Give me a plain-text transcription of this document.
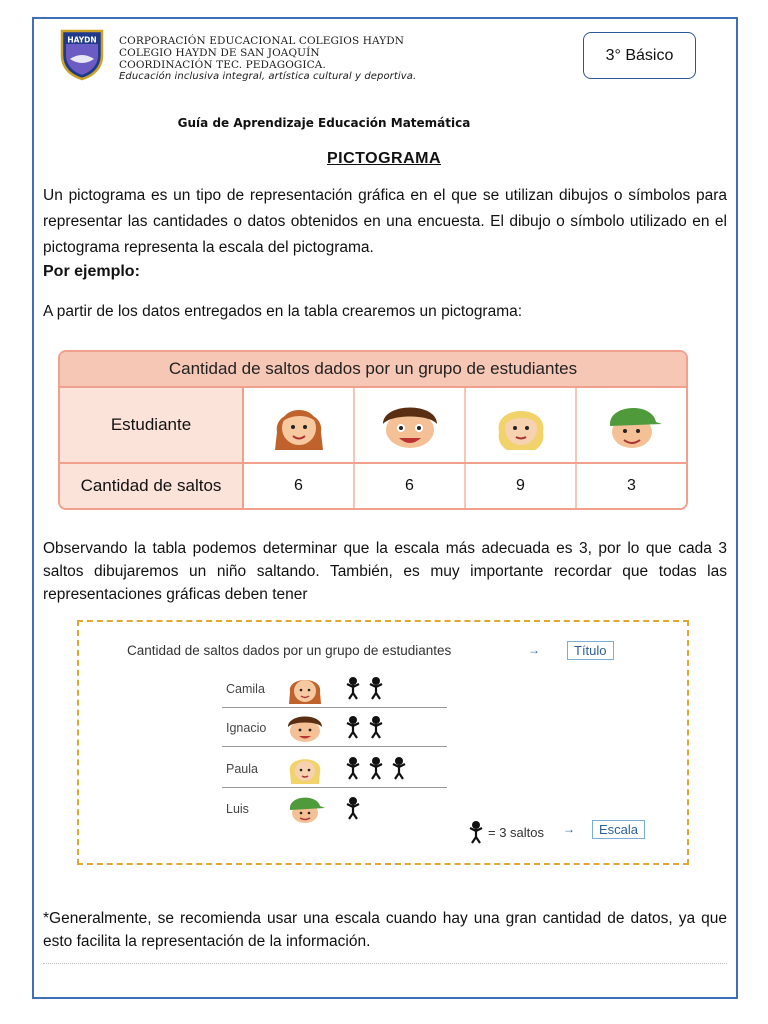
HAYDN CORPORACIÓN EDUCACIONAL COLEGIOS HAYDN
COLEGIO HAYDN DE SAN JOAQUÍN
COORDINACIÓN TEC. PEDAGOGICA.
Educación inclusiva integral, artística cultural y deportiva.
3° Básico
Guía de Aprendizaje Educación Matemática
PICTOGRAMA

Un pictograma es un tipo de representación gráfica en el que se utilizan dibujos o símbolos para representar las cantidades o datos obtenidos en una encuesta. El dibujo o símbolo utilizado en el pictograma representa la escala del pictograma.

Por ejemplo:

A partir de los datos entregados en la tabla crearemos un pictograma:

Cantidad de saltos dados por un grupo de estudiantes
Estudiante
Cantidad de saltos	6	6	9	3

Observando la tabla podemos determinar que la escala más adecuada es 3, por lo que cada 3 saltos dibujaremos un niño saltando. También, es muy importante recordar que todas las representaciones gráficas deben tener

Cantidad de saltos dados por un grupo de estudiantes	→	Título
Camila
Ignacio
Paula
Luis
= 3 saltos →	Escala

*Generalmente, se recomienda usar una escala cuando hay una gran cantidad de datos, ya que esto facilita la representación de la información.
